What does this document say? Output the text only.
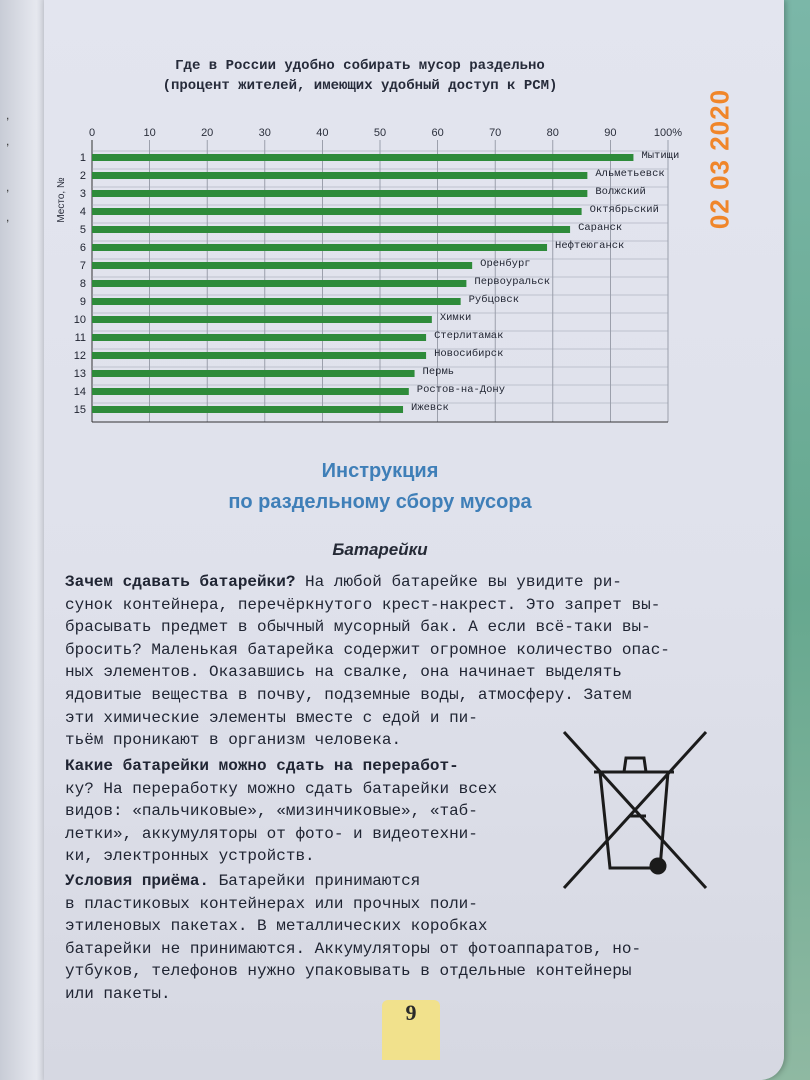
,
,
,
,
Где в России удобно собирать мусор раздельно
(процент жителей, имеющих удобный доступ к РСМ)
0	10	20	30	40	50	60	70	80	90	100%
Место, №
1	Мытищи
2	Альметьевск
3	Волжский
4	Октябрьский
5	Саранск
6	Нефтеюганск
7	Оренбург
8	Первоуральск
9	Рубцовск
10	Химки
11	Стерлитамак
12	Новосибирск
13	Пермь
14	Ростов-на-Дону
15	Ижевск
02 03 2020
Инструкция
по раздельному сбору мусора
Батарейки
Зачем сдавать батарейки? На любой батарейке вы увидите ри-
сунок контейнера, перечёркнутого крест-накрест. Это запрет вы-
брасывать предмет в обычный мусорный бак. А если всё-таки вы-
бросить? Маленькая батарейка содержит огромное количество опас-
ных элементов. Оказавшись на свалке, она начинает выделять
ядовитые вещества в почву, подземные воды, атмосферу. Затем
эти химические элементы вместе с едой и пи-
тьём проникают в организм человека.
Какие батарейки можно сдать на переработ-
ку? На переработку можно сдать батарейки всех
видов: «пальчиковые», «мизинчиковые», «таб-
летки», аккумуляторы от фото- и видеотехни-
ки, электронных устройств.
Условия приёма. Батарейки принимаются
в пластиковых контейнерах или прочных поли-
этиленовых пакетах. В металлических коробках
батарейки не принимаются. Аккумуляторы от фотоаппаратов, но-
утбуков, телефонов нужно упаковывать в отдельные контейнеры
или пакеты.
9
